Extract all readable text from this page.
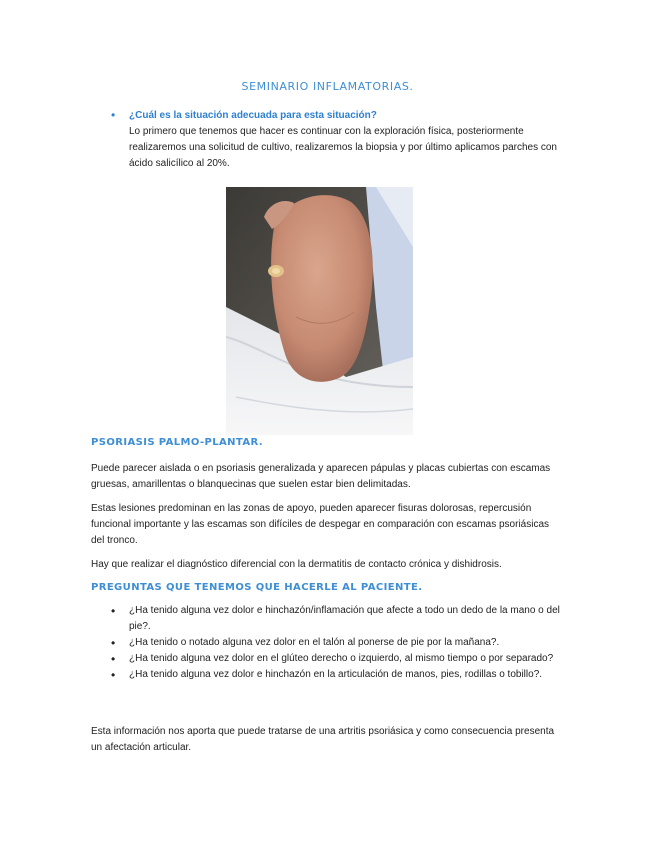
SEMINARIO INFLAMATORIAS.
• ¿Cuál es la situación adecuada para esta situación?
Lo primero que tenemos que hacer es continuar con la exploración física, posteriormente realizaremos una solicitud de cultivo, realizaremos la biopsia y por último aplicamos parches con ácido salicílico al 20%.
PSORIASIS PALMO-PLANTAR.
Puede parecer aislada o en psoriasis generalizada y aparecen pápulas y placas cubiertas con escamas gruesas, amarillentas o blanquecinas que suelen estar bien delimitadas.
Estas lesiones predominan en las zonas de apoyo, pueden aparecer fisuras dolorosas, repercusión funcional importante y las escamas son difíciles de despegar en comparación con escamas psoriásicas del tronco.
Hay que realizar el diagnóstico diferencial con la dermatitis de contacto crónica y dishidrosis.
PREGUNTAS QUE TENEMOS QUE HACERLE AL PACIENTE.
• ¿Ha tenido alguna vez dolor e hinchazón/inflamación que afecte a todo un dedo de la mano o del pie?.
• ¿Ha tenido o notado alguna vez dolor en el talón al ponerse de pie por la mañana?.
• ¿Ha tenido alguna vez dolor en el glúteo derecho o izquierdo, al mismo tiempo o por separado?
• ¿Ha tenido alguna vez dolor e hinchazón en la articulación de manos, pies, rodillas o tobillo?.
Esta información nos aporta que puede tratarse de una artritis psoriásica y como consecuencia presenta un afectación articular.
